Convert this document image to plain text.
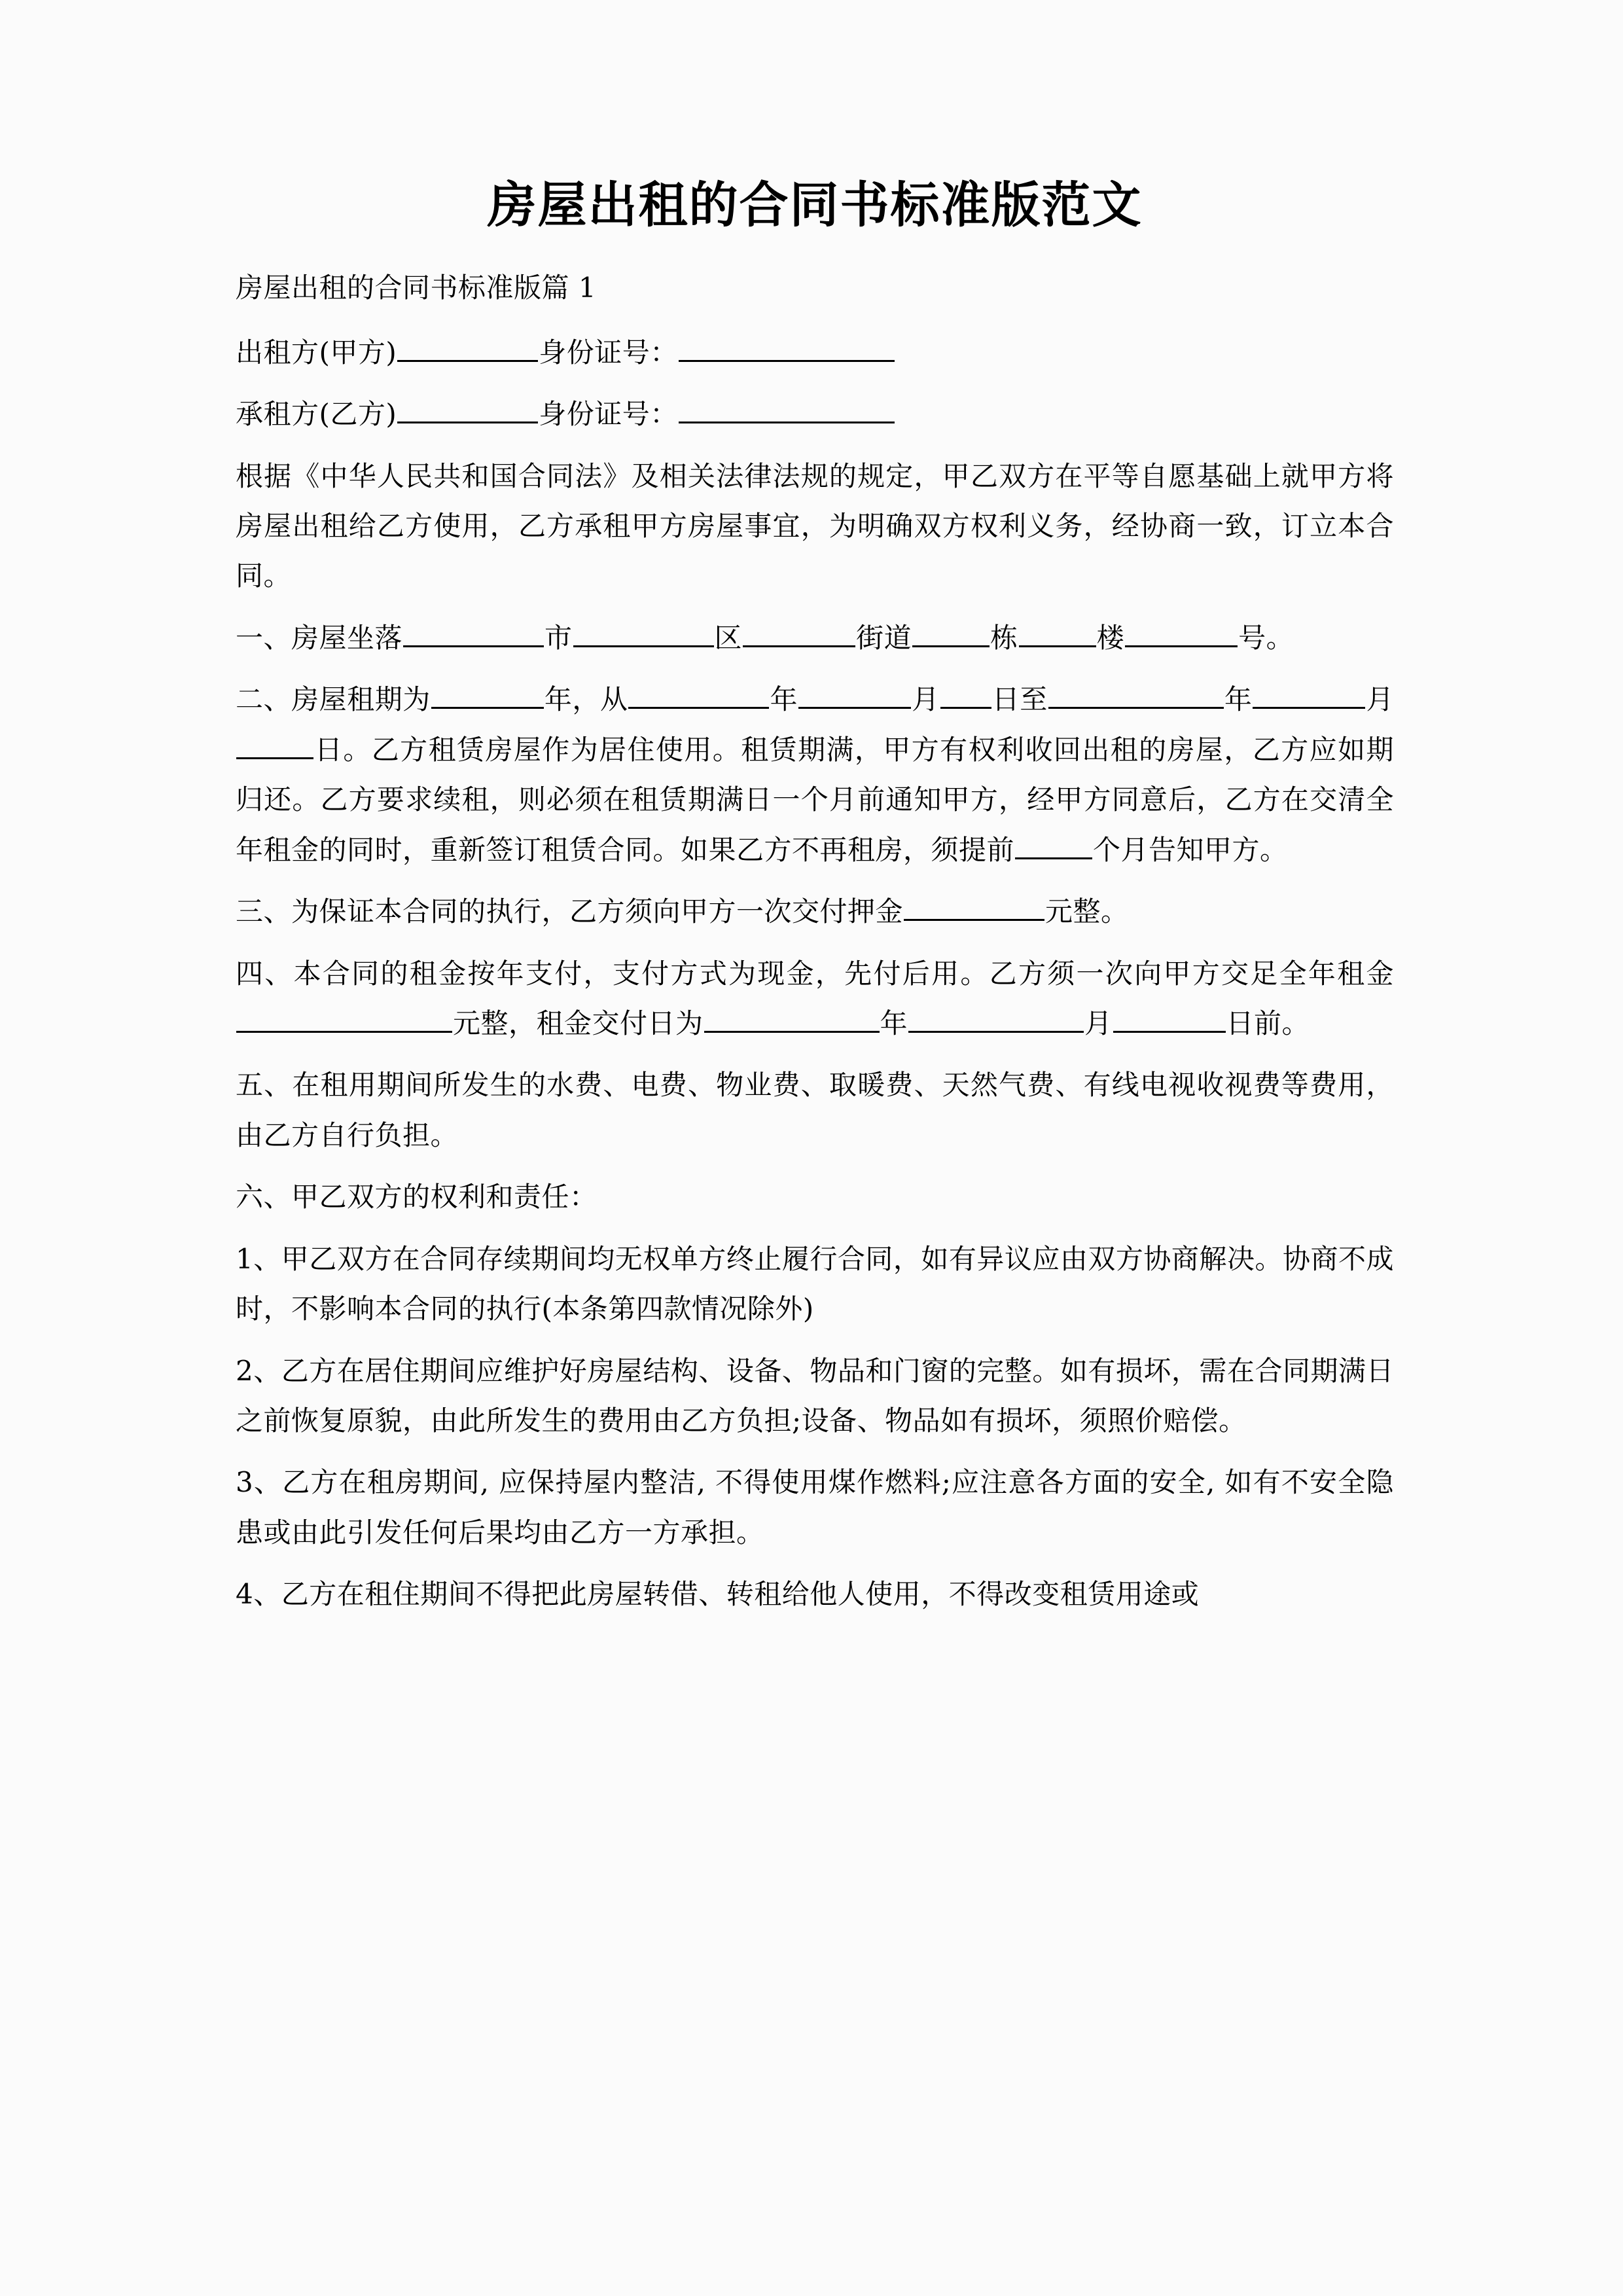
房屋出租的合同书标准版范文

房屋出租的合同书标准版篇 1

出租方(甲方)	身份证号：

承租方(乙方)	身份证号：

根据《中华人民共和国合同法》及相关法律法规的规定，甲乙双方在平等自愿基础上就甲方将房屋出租给乙方使用，乙方承租甲方房屋事宜，为明确双方权利义务，经协商一致，订立本合同。

一、房屋坐落	市	区	街道	栋	楼	号。

二、房屋租期为	年，从	年	月 日至	年	月日。乙方租赁房屋作为居住使用。租赁期满，甲方有权利收回出租的房屋，乙方应如期归还。乙方要求续租，则必须在租赁期满日一个月前通知甲方，经甲方同意后，乙方在交清全年租金的同时，重新签订租赁合同。如果乙方不再租房，须提前	个月告知甲方。

三、为保证本合同的执行，乙方须向甲方一次交付押金	元整。

四、本合同的租金按年支付，支付方式为现金，先付后用。乙方须一次向甲方交足全年租金元整，租金交付日为	年	月	日前。

五、在租用期间所发生的水费、电费、物业费、取暖费、天然气费、有线电视收视费等费用，由乙方自行负担。

六、甲乙双方的权利和责任：

1、甲乙双方在合同存续期间均无权单方终止履行合同，如有异议应由双方协商解决。协商不成时，不影响本合同的执行(本条第四款情况除外)

2、乙方在居住期间应维护好房屋结构、设备、物品和门窗的完整。如有损坏，需在合同期满日之前恢复原貌，由此所发生的费用由乙方负担;设备、物品如有损坏，须照价赔偿。

3、乙方在租房期间, 应保持屋内整洁, 不得使用煤作燃料;应注意各方面的安全, 如有不安全隐患或由此引发任何后果均由乙方一方承担。

4、乙方在租住期间不得把此房屋转借、转租给他人使用，不得改变租赁用途或
